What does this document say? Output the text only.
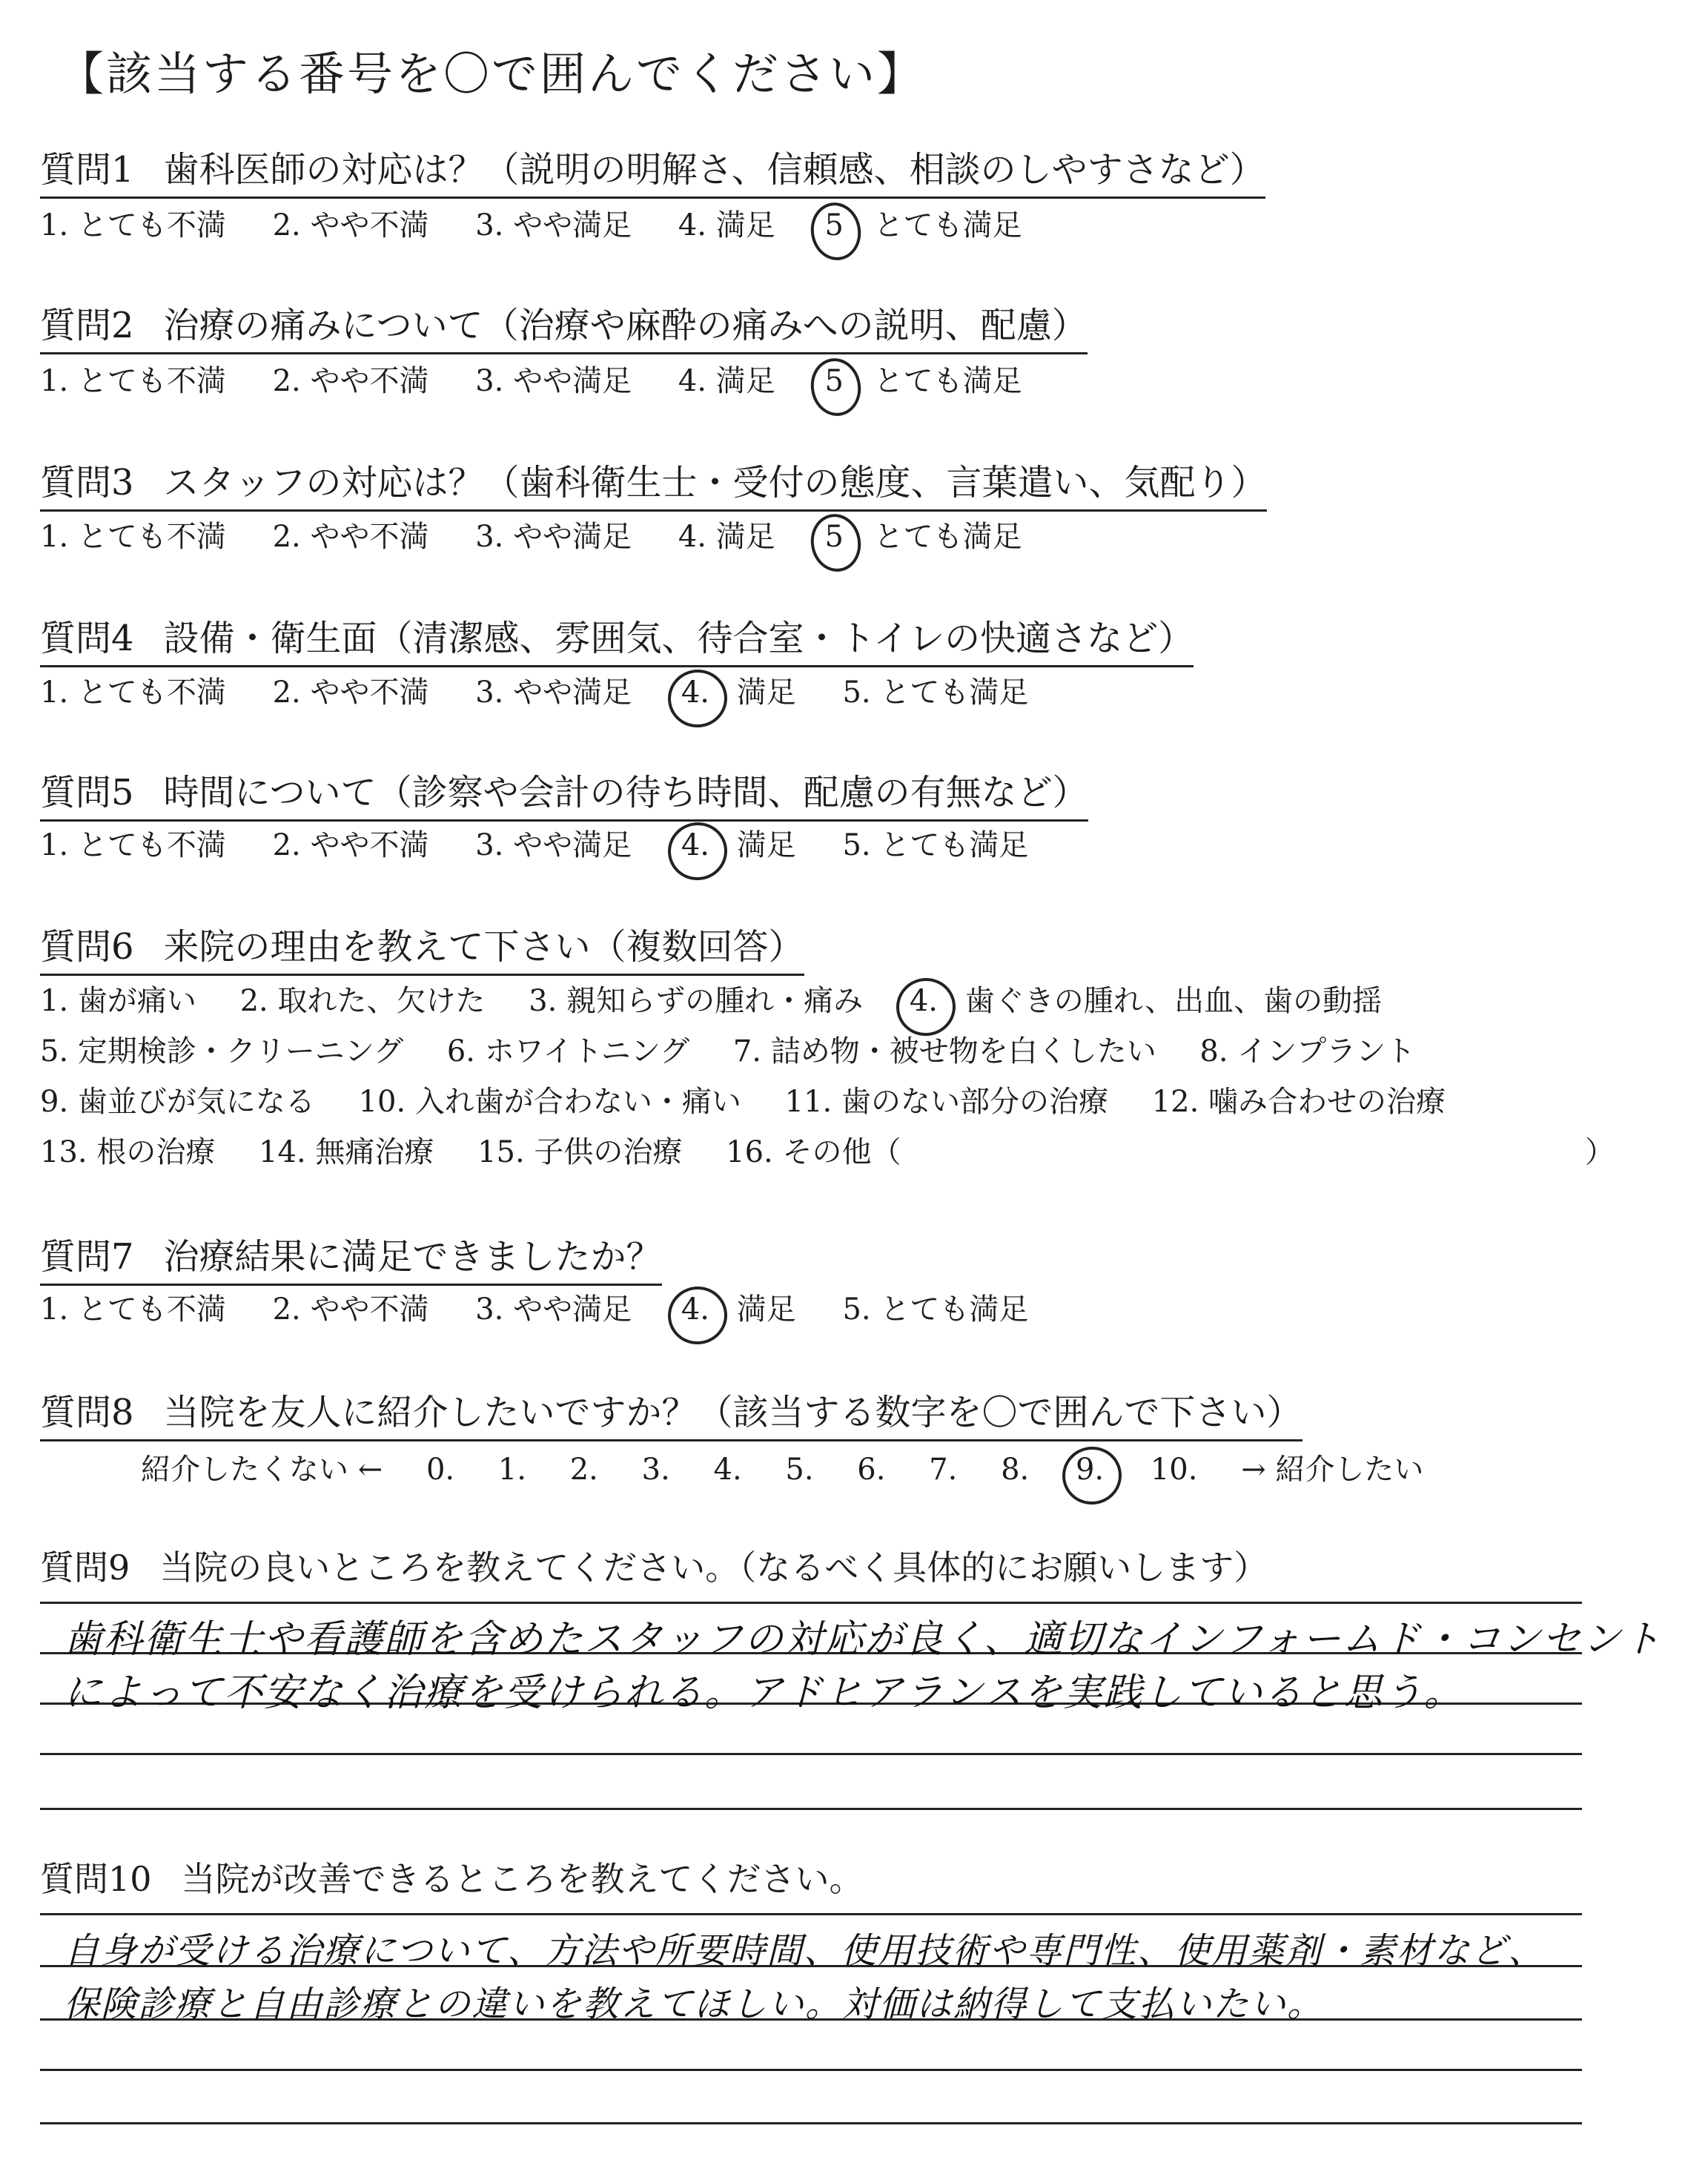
【該当する番号を〇で囲んでください】
質問1 歯科医師の対応は？（説明の明解さ、信頼感、相談のしやすさなど）
1. とても不満 2. やや不満 3. やや満足 4. 満足 5 とても満足
質問2 治療の痛みについて（治療や麻酔の痛みへの説明、配慮）
1. とても不満 2. やや不満 3. やや満足 4. 満足 5 とても満足
質問3 スタッフの対応は？（歯科衛生士・受付の態度、言葉遣い、気配り）
1. とても不満 2. やや不満 3. やや満足 4. 満足 5 とても満足
質問4 設備・衛生面（清潔感、雰囲気、待合室・トイレの快適さなど）
1. とても不満 2. やや不満 3. やや満足 4. 満足 5. とても満足
質問5 時間について（診察や会計の待ち時間、配慮の有無など）
1. とても不満 2. やや不満 3. やや満足 4. 満足 5. とても満足
質問6 来院の理由を教えて下さい（複数回答）
1. 歯が痛い 2. 取れた、欠けた 3. 親知らずの腫れ・痛み 4. 歯ぐきの腫れ、出血、歯の動揺
5. 定期検診・クリーニング 6. ホワイトニング 7. 詰め物・被せ物を白くしたい 8. インプラント
9. 歯並びが気になる 10. 入れ歯が合わない・痛い 11. 歯のない部分の治療 12. 噛み合わせの治療
13. 根の治療 14. 無痛治療 15. 子供の治療 16. その他（	）
質問7 治療結果に満足できましたか？
1. とても不満 2. やや不満 3. やや満足 4. 満足 5. とても満足
質問8 当院を友人に紹介したいですか？（該当する数字を〇で囲んで下さい）
紹介したくない ← 0. 1. 2. 3. 4. 5. 6. 7. 8. 9. 10. → 紹介したい
質問9 当院の良いところを教えてください。（なるべく具体的にお願いします）
歯科衛生士や看護師を含めたスタッフの対応が良く、適切なインフォームド・コンセント
によって不安なく治療を受けられる。アドヒアランスを実践していると思う。
質問10 当院が改善できるところを教えてください。
自身が受ける治療について、方法や所要時間、使用技術や専門性、使用薬剤・素材など、
保険診療と自由診療との違いを教えてほしい。対価は納得して支払いたい。
